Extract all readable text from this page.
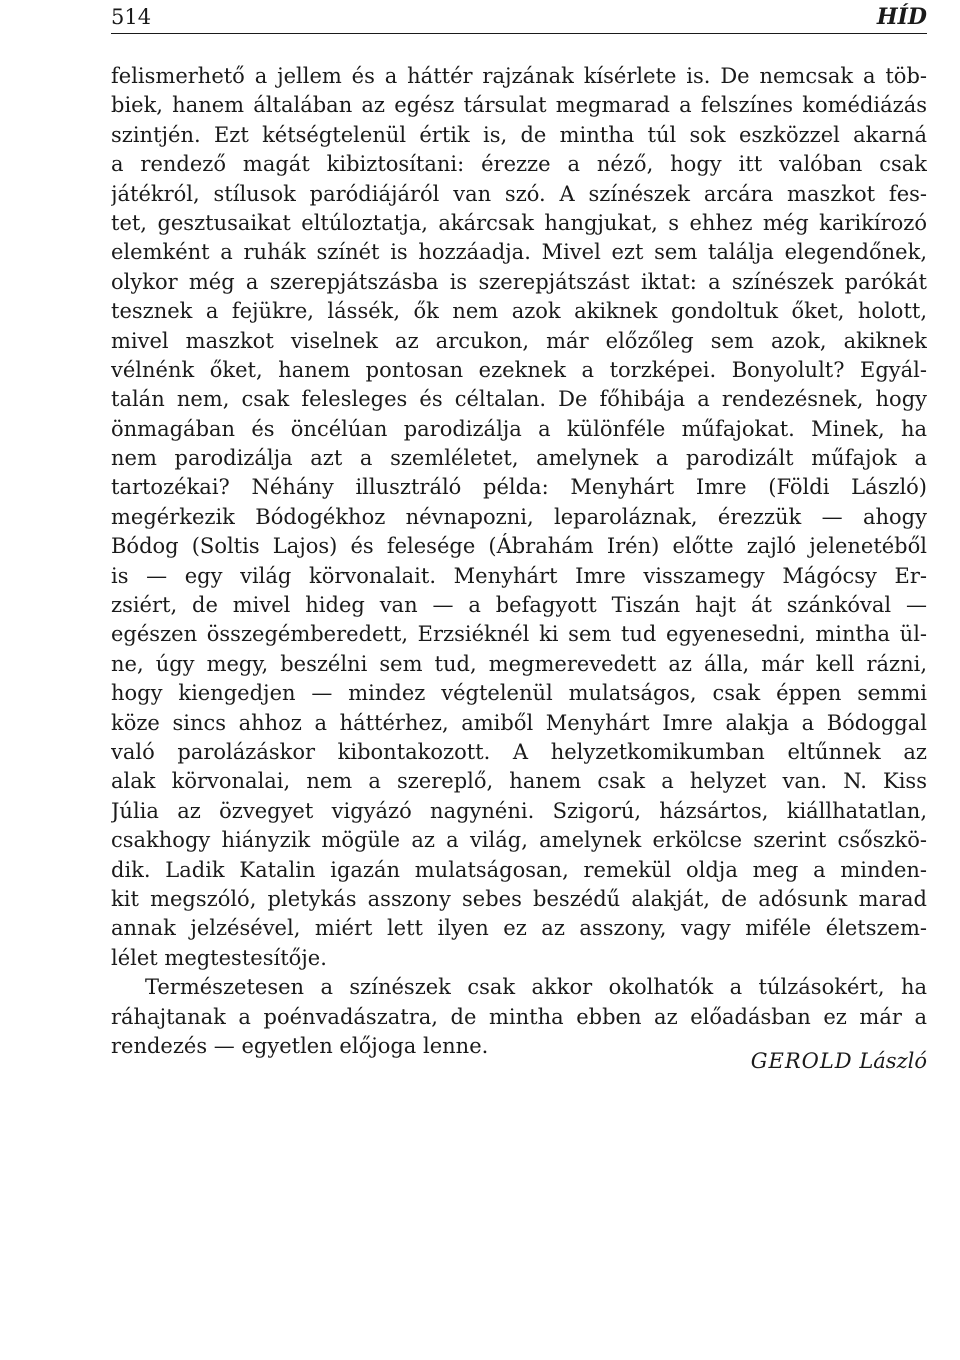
514	HÍD
felismerhető a jellem és a háttér rajzának kísérlete is. De nemcsak a töb-
biek, hanem általában az egész társulat megmarad a felszínes komédiázás
szintjén. Ezt kétségtelenül értik is, de mintha túl sok eszközzel akarná
a rendező magát kibiztosítani: érezze a néző, hogy itt valóban csak
játékról, stílusok paródiájáról van szó. A színészek arcára maszkot fes-
tet, gesztusaikat eltúloztatja, akárcsak hangjukat, s ehhez még karikírozó
elemként a ruhák színét is hozzáadja. Mivel ezt sem találja elegendőnek,
olykor még a szerepjátszásba is szerepjátszást iktat: a színészek parókát
tesznek a fejükre, lássék, ők nem azok akiknek gondoltuk őket, holott,
mivel maszkot viselnek az arcukon, már előzőleg sem azok, akiknek
vélnénk őket, hanem pontosan ezeknek a torzképei. Bonyolult? Egyál-
talán nem, csak felesleges és céltalan. De főhibája a rendezésnek, hogy
önmagában és öncélúan parodizálja a különféle műfajokat. Minek, ha
nem parodizálja azt a szemléletet, amelynek a parodizált műfajok a
tartozékai? Néhány illusztráló példa: Menyhárt Imre (Földi László)
megérkezik Bódogékhoz névnapozni, leparoláznak, érezzük — ahogy
Bódog (Soltis Lajos) és felesége (Ábrahám Irén) előtte zajló jelenetéből
is — egy világ körvonalait. Menyhárt Imre visszamegy Mágócsy Er-
zsiért, de mivel hideg van — a befagyott Tiszán hajt át szánkóval —
egészen összegémberedett, Erzsiéknél ki sem tud egyenesedni, mintha ül-
ne, úgy megy, beszélni sem tud, megmerevedett az álla, már kell rázni,
hogy kiengedjen — mindez végtelenül mulatságos, csak éppen semmi
köze sincs ahhoz a háttérhez, amiből Menyhárt Imre alakja a Bódoggal
való parolázáskor kibontakozott. A helyzetkomikumban eltűnnek az
alak körvonalai, nem a szereplő, hanem csak a helyzet van. N. Kiss
Júlia az özvegyet vigyázó nagynéni. Szigorú, házsártos, kiállhatatlan,
csakhogy hiányzik mögüle az a világ, amelynek erkölcse szerint csőszkö-
dik. Ladik Katalin igazán mulatságosan, remekül oldja meg a minden-
kit megszóló, pletykás asszony sebes beszédű alakját, de adósunk marad
annak jelzésével, miért lett ilyen ez az asszony, vagy miféle életszem-
lélet megtestesítője.
Természetesen a színészek csak akkor okolhatók a túlzásokért, ha
ráhajtanak a poénvadászatra, de mintha ebben az előadásban ez már a
rendezés — egyetlen előjoga lenne.
GEROLD László
